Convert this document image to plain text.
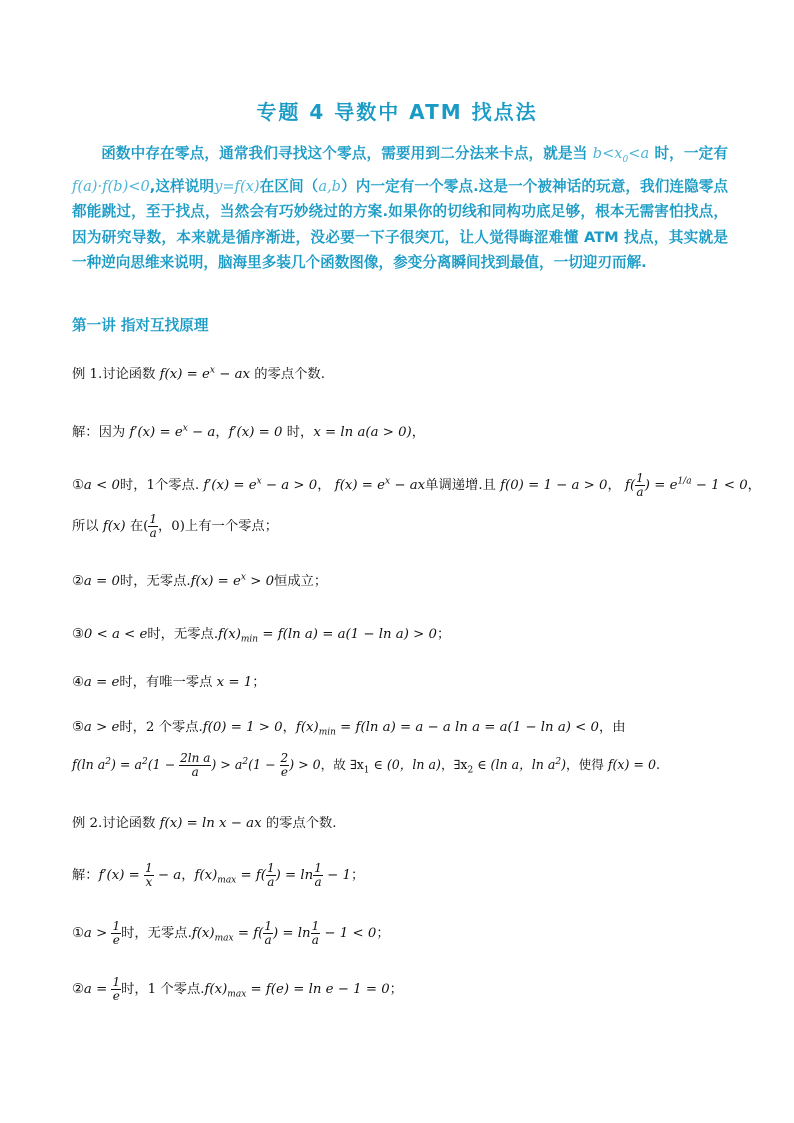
专题 4 导数中 ATM 找点法
函数中存在零点，通常我们寻找这个零点，需要用到二分法来卡点，就是当 $b<x_0<a$ 时，一定有f(a)·f(b)<0,这样说明y=f(x)在区间（a,b）内一定有一个零点.这是一个被神话的玩意，我们连隐零点都能跳过，至于找点，当然会有巧妙绕过的方案.如果你的切线和同构功底足够，根本无需害怕找点，因为研究导数，本来就是循序渐进，没必要一下子很突兀，让人觉得晦涩难懂 ATM 找点，其实就是一种逆向思维来说明，脑海里多装几个函数图像，参变分离瞬间找到最值，一切迎刃而解.
第一讲 指对互找原理
例 1.讨论函数 $f(x) = e^x$ − ax 的零点个数.
解：因为 $f'(x) = e^x - a$，f′(x) = 0 时，x = ln a(a > 0)，
①a < 0时，1个零点. $f'(x) = e^x - a > 0$， $f(x) = e^x$ − ax单调递增.且 f(0) = 1 − a > 0， $f( \frac{1}{a}$ ) = $e^{1/a} - 1 < 0$，
所以 f(x) 在( $\frac{1}{a}$ ，0)上有一个零点；
②a = 0时，无零点$.f(x) = e^x > 0$恒成立；
③0 < a < e时，无零点$.f(x)_{min} = f(\ln$ a) = a(1 − ln a) > 0；
④a = e时，有唯一零点 x = 1；
⑤a > e时，2 个零点.f(0) = 1 > 0，$f(x)_{min} = f(\ln$ a) = a − a ln a = a(1 − ln a) < 0，由
f(ln $a^2) = a^2(1 - \frac{\text{2ln a}}{a}$ ) > $a^2(1 - \frac{2}{e}$ ) > 0，故 $\exists x_1$ ∈ (0，ln a)，$\exists x_2$ ∈ (ln a，$\ln a^2$)，使得 f(x) = 0.
例 2.讨论函数 f(x) = ln x − ax 的零点个数.
解：$f'(x) = \frac{1}{x} - a$，$f(x)_{max} = f( \frac{1}{a}$ ) = $\ln \frac{1}{a} - 1$；
①a > $\frac{1}{e}$ 时，无零点$.f(x)_{max} = f( \frac{1}{a}$ ) = $\ln \frac{1}{a} - 1 < 0$；
②a = $\frac{1}{e}$ 时，1 个零点$.f(x)_{max} = f(e) = \ln e - 1 = 0$；
